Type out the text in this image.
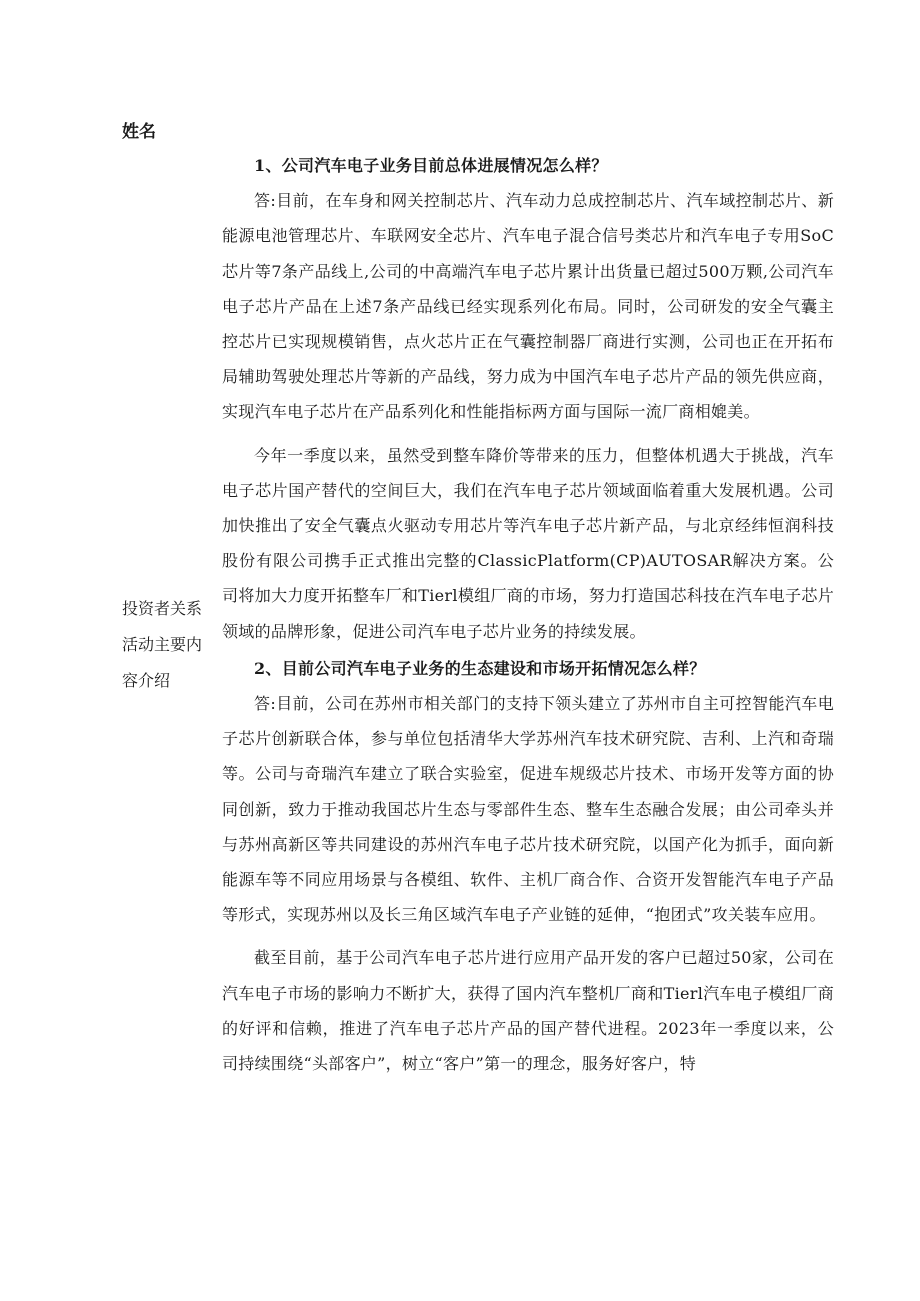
姓名
投资者关系活动主要内容介绍

1、公司汽车电子业务目前总体进展情况怎么样？

答:目前，在车身和网关控制芯片、汽车动力总成控制芯片、汽车域控制芯片、新能源电池管理芯片、车联网安全芯片、汽车电子混合信号类芯片和汽车电子专用SoC芯片等7条产品线上,公司的中高端汽车电子芯片累计出货量已超过500万颗,公司汽车电子芯片产品在上述7条产品线已经实现系列化布局。同时，公司研发的安全气囊主控芯片已实现规模销售，点火芯片正在气囊控制器厂商进行实测，公司也正在开拓布局辅助驾驶处理芯片等新的产品线，努力成为中国汽车电子芯片产品的领先供应商，实现汽车电子芯片在产品系列化和性能指标两方面与国际一流厂商相媲美。

今年一季度以来，虽然受到整车降价等带来的压力，但整体机遇大于挑战，汽车电子芯片国产替代的空间巨大，我们在汽车电子芯片领域面临着重大发展机遇。公司加快推出了安全气囊点火驱动专用芯片等汽车电子芯片新产品，与北京经纬恒润科技股份有限公司携手正式推出完整的ClassicPlatform(CP)AUTOSAR解决方案。公司将加大力度开拓整车厂和Tierl模组厂商的市场，努力打造国芯科技在汽车电子芯片领域的品牌形象，促进公司汽车电子芯片业务的持续发展。

2、目前公司汽车电子业务的生态建设和市场开拓情况怎么样？

答:目前，公司在苏州市相关部门的支持下领头建立了苏州市自主可控智能汽车电子芯片创新联合体，参与单位包括清华大学苏州汽车技术研究院、吉利、上汽和奇瑞等。公司与奇瑞汽车建立了联合实验室，促进车规级芯片技术、市场开发等方面的协同创新，致力于推动我国芯片生态与零部件生态、整车生态融合发展；由公司牵头并与苏州高新区等共同建设的苏州汽车电子芯片技术研究院，以国产化为抓手，面向新能源车等不同应用场景与各模组、软件、主机厂商合作、合资开发智能汽车电子产品等形式，实现苏州以及长三角区域汽车电子产业链的延伸，“抱团式”攻关装车应用。

截至目前，基于公司汽车电子芯片进行应用产品开发的客户已超过50家，公司在汽车电子市场的影响力不断扩大，获得了国内汽车整机厂商和Tierl汽车电子模组厂商的好评和信赖，推进了汽车电子芯片产品的国产替代进程。2023年一季度以来，公司持续围绕“头部客户”，树立“客户”第一的理念，服务好客户，特
